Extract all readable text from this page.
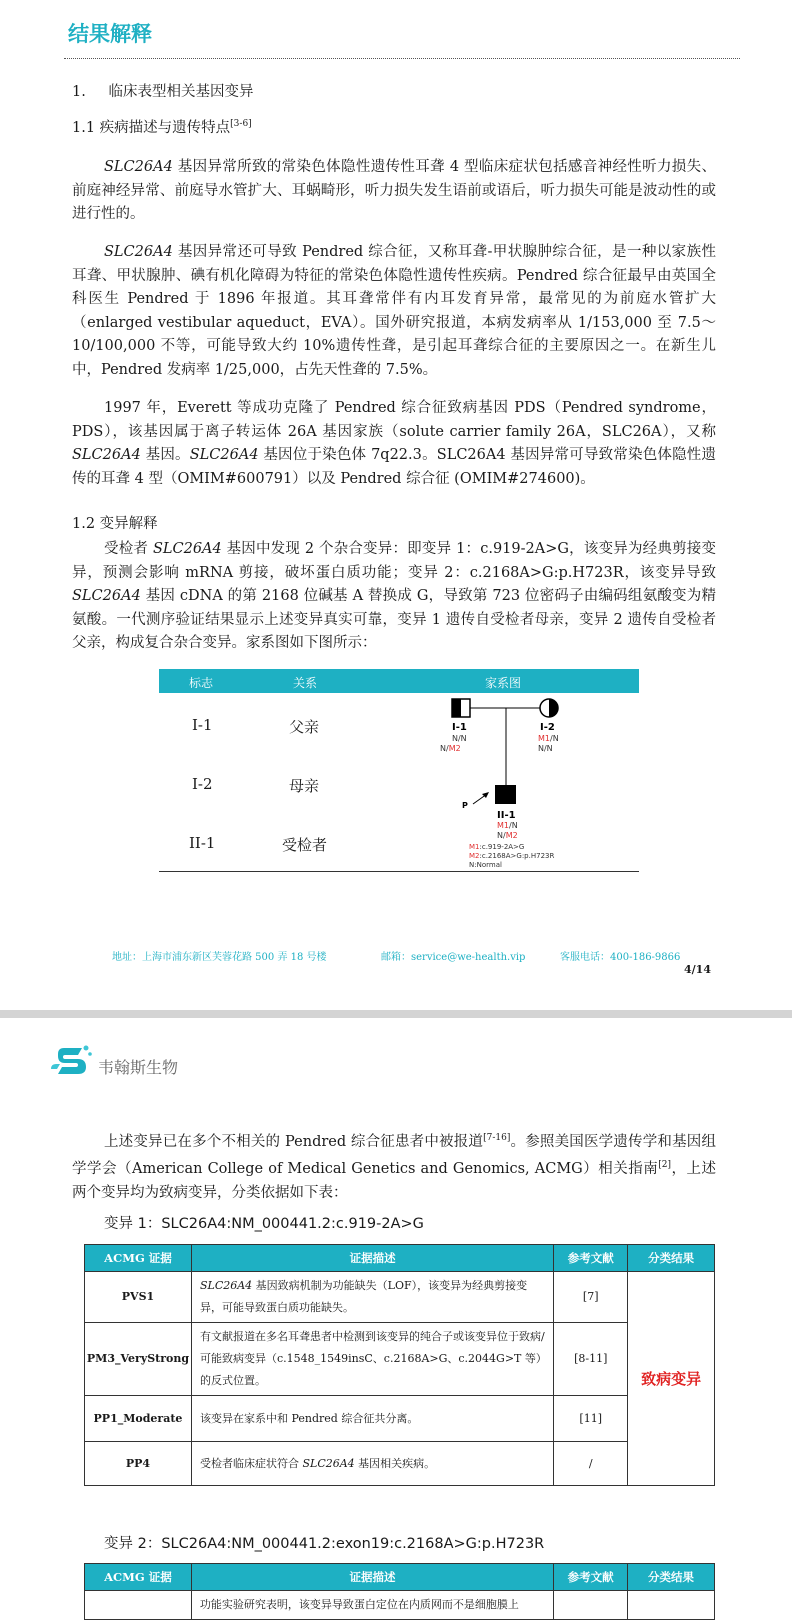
结果解释
1. 临床表型相关基因变异
1.1 疾病描述与遗传特点[3-6]
SLC26A4 基因异常所致的常染色体隐性遗传性耳聋 4 型临床症状包括感音神经性听力损失、前庭神经异常、前庭导水管扩大、耳蜗畸形，听力损失发生语前或语后，听力损失可能是波动性的或进行性的。
SLC26A4 基因异常还可导致 Pendred 综合征，又称耳聋-甲状腺肿综合征，是一种以家族性耳聋、甲状腺肿、碘有机化障碍为特征的常染色体隐性遗传性疾病。Pendred 综合征最早由英国全科医生 Pendred 于 1896 年报道。其耳聋常伴有内耳发育异常，最常见的为前庭水管扩大（enlarged vestibular aqueduct，EVA）。国外研究报道，本病发病率从 1/153,000 至 7.5～10/100,000 不等，可能导致大约 10%遗传性聋，是引起耳聋综合征的主要原因之一。在新生儿中，Pendred 发病率 1/25,000，占先天性聋的 7.5%。
1997 年，Everett 等成功克隆了 Pendred 综合征致病基因 PDS（Pendred syndrome，PDS），该基因属于离子转运体 26A 基因家族（solute carrier family 26A，SLC26A），又称 SLC26A4 基因。SLC26A4 基因位于染色体 7q22.3。SLC26A4 基因异常可导致常染色体隐性遗传的耳聋 4 型（OMIM#600791）以及 Pendred 综合征 (OMIM#274600)。
1.2 变异解释
受检者 SLC26A4 基因中发现 2 个杂合变异：即变异 1：c.919-2A>G，该变异为经典剪接变异，预测会影响 mRNA 剪接，破坏蛋白质功能；变异 2：c.2168A>G:p.H723R，该变异导致 SLC26A4 基因 cDNA 的第 2168 位碱基 A 替换成 G，导致第 723 位密码子由编码组氨酸变为精氨酸。一代测序验证结果显示上述变异真实可靠，变异 1 遗传自受检者母亲，变异 2 遗传自受检者父亲，构成复合杂合变异。家系图如下图所示：
标志	关系	家系图
I-1	父亲
I-2	母亲
II-1	受检者
P
I-1
N/N
N/M2
I-2
M1/N
N/N
II-1
M1/N
N/M2
M1:c.919-2A>G
M2:c.2168A>G:p.H723R
N:Normal
地址：上海市浦东新区芙蓉花路 500 弄 18 号楼	邮箱：service@we-health.vip	客服电话：400-186-9866
4/14
韦翰斯生物
上述变异已在多个不相关的 Pendred 综合征患者中被报道[7-16]。参照美国医学遗传学和基因组学学会（American College of Medical Genetics and Genomics, ACMG）相关指南[2]，上述两个变异均为致病变异，分类依据如下表：
变异 1：SLC26A4:NM_000441.2:c.919-2A>G
ACMG 证据	证据描述	参考文献	分类结果
PVS1	SLC26A4 基因致病机制为功能缺失（LOF），该变异为经典剪接变异，可能导致蛋白质功能缺失。	[7]	致病变异
PM3_VeryStrong	有文献报道在多名耳聋患者中检测到该变异的纯合子或该变异位于致病/可能致病变异（c.1548_1549insC、c.2168A>G、c.2044G>T 等）的反式位置。	[8-11]	
PP1_Moderate	该变异在家系中和 Pendred 综合征共分离。	[11]	
PP4	受检者临床症状符合 SLC26A4 基因相关疾病。	/	
变异 2：SLC26A4:NM_000441.2:exon19:c.2168A>G:p.H723R
ACMG 证据	证据描述	参考文献	分类结果
	功能实验研究表明，该变异导致蛋白定位在内质网而不是细胞膜上		
